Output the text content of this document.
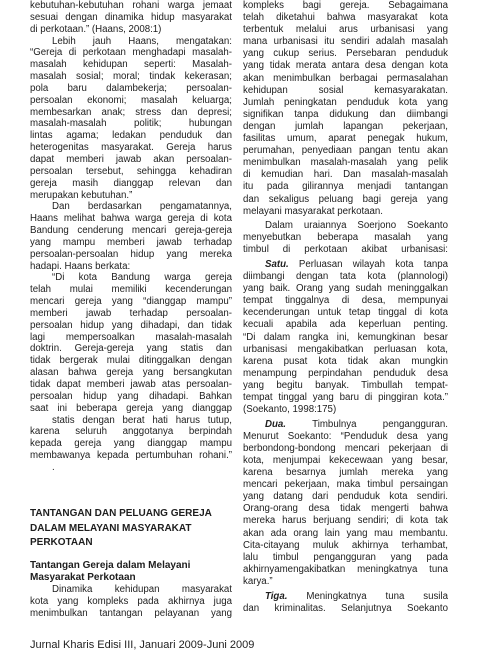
kebutuhan-kebutuhan rohani warga jemaat
sesuai dengan dinamika hidup masyarakat
di perkotaan.” (Haans, 2008:1)
Lebih jauh Haans, mengatakan:
“Gereja di perkotaan menghadapi masalah-
masalah kehidupan seperti: Masalah-
masalah sosial; moral; tindak kekerasan;
pola baru dalambekerja; persoalan-
persoalan ekonomi; masalah keluarga;
membesarkan anak; stress dan depresi;
masalah-masalah politik; hubungan
lintas agama; ledakan penduduk dan
heterogenitas masyarakat. Gereja harus
dapat memberi jawab akan persoalan-
persoalan tersebut, sehingga kehadiran
gereja masih dianggap relevan dan
merupakan kebutuhan.”
Dan berdasarkan pengamatannya,
Haans melihat bahwa warga gereja di kota
Bandung cenderung mencari gereja-gereja
yang mampu memberi jawab terhadap
persoalan-persoalan hidup yang mereka
hadapi. Haans berkata:
“Di kota Bandung warga gereja
telah mulai memiliki kecenderungan
mencari gereja yang “dianggap mampu”
memberi jawab terhadap persoalan-
persoalan hidup yang dihadapi, dan tidak
lagi mempersoalkan masalah-masalah
doktrin. Gereja-gereja yang statis dan
tidak bergerak mulai ditinggalkan dengan
alasan bahwa gereja yang bersangkutan
tidak dapat memberi jawab atas persoalan-
persoalan hidup yang dihadapi. Bahkan
saat ini beberapa gereja yang dianggap
statis dengan berat hati harus tutup,
karena seluruh anggotanya berpindah
kepada gereja yang dianggap mampu
membawanya kepada pertumbuhan rohani.”
.
TANTANGAN DAN PELUANG GEREJA
DALAM MELAYANI MASYARAKAT
PERKOTAAN
Tantangan Gereja dalam Melayani
Masyarakat Perkotaan
Dinamika kehidupan masyarakat
kota yang kompleks pada akhirnya juga
menimbulkan tantangan pelayanan yang
kompleks bagi gereja. Sebagaimana
telah diketahui bahwa masyarakat kota
terbentuk melalui arus urbanisasi yang
mana urbanisasi itu sendiri adalah masalah
yang cukup serius. Persebaran penduduk
yang tidak merata antara desa dengan kota
akan menimbulkan berbagai permasalahan
kehidupan sosial kemasyarakatan.
Jumlah peningkatan penduduk kota yang
signifikan tanpa didukung dan diimbangi
dengan jumlah lapangan pekerjaan,
fasilitas umum, aparat penegak hukum,
perumahan, penyediaan pangan tentu akan
menimbulkan masalah-masalah yang pelik
di kemudian hari. Dan masalah-masalah
itu pada gilirannya menjadi tantangan
dan sekaligus peluang bagi gereja yang
melayani masyarakat perkotaan.
Dalam uraiannya Soerjono Soekanto
menyebutkan beberapa masalah yang
timbul di perkotaan akibat urbanisasi:
Satu. Perluasan wilayah kota tanpa
diimbangi dengan tata kota (plannologi)
yang baik. Orang yang sudah meninggalkan
tempat tinggalnya di desa, mempunyai
kecenderungan untuk tetap tinggal di kota
kecuali apabila ada keperluan penting.
“Di dalam rangka ini, kemungkinan besar
urbanisasi mengakibatkan perluasan kota,
karena pusat kota tidak akan mungkin
menampung perpindahan penduduk desa
yang begitu banyak. Timbullah tempat-
tempat tinggal yang baru di pinggiran kota.”
(Soekanto, 1998:175)
Dua.	Timbulnya pengangguran.
Menurut Soekanto: “Penduduk desa yang
berbondong-bondong mencari pekerjaan di
kota, menjumpai kekecewaan yang besar,
karena besarnya jumlah mereka yang
mencari pekerjaan, maka timbul persaingan
yang datang dari penduduk kota sendiri.
Orang-orang desa tidak mengerti bahwa
mereka harus berjuang sendiri; di kota tak
akan ada orang lain yang mau membantu.
Cita-citayang muluk akhirnya terhambat,
lalu timbul pengangguran yang pada
akhirnyamengakibatkan meningkatnya tuna
karya.”
Tiga. Meningkatnya tuna susila
dan kriminalitas. Selanjutnya Soekanto
Jurnal Kharis Edisi III, Januari 2009-Juni 2009
